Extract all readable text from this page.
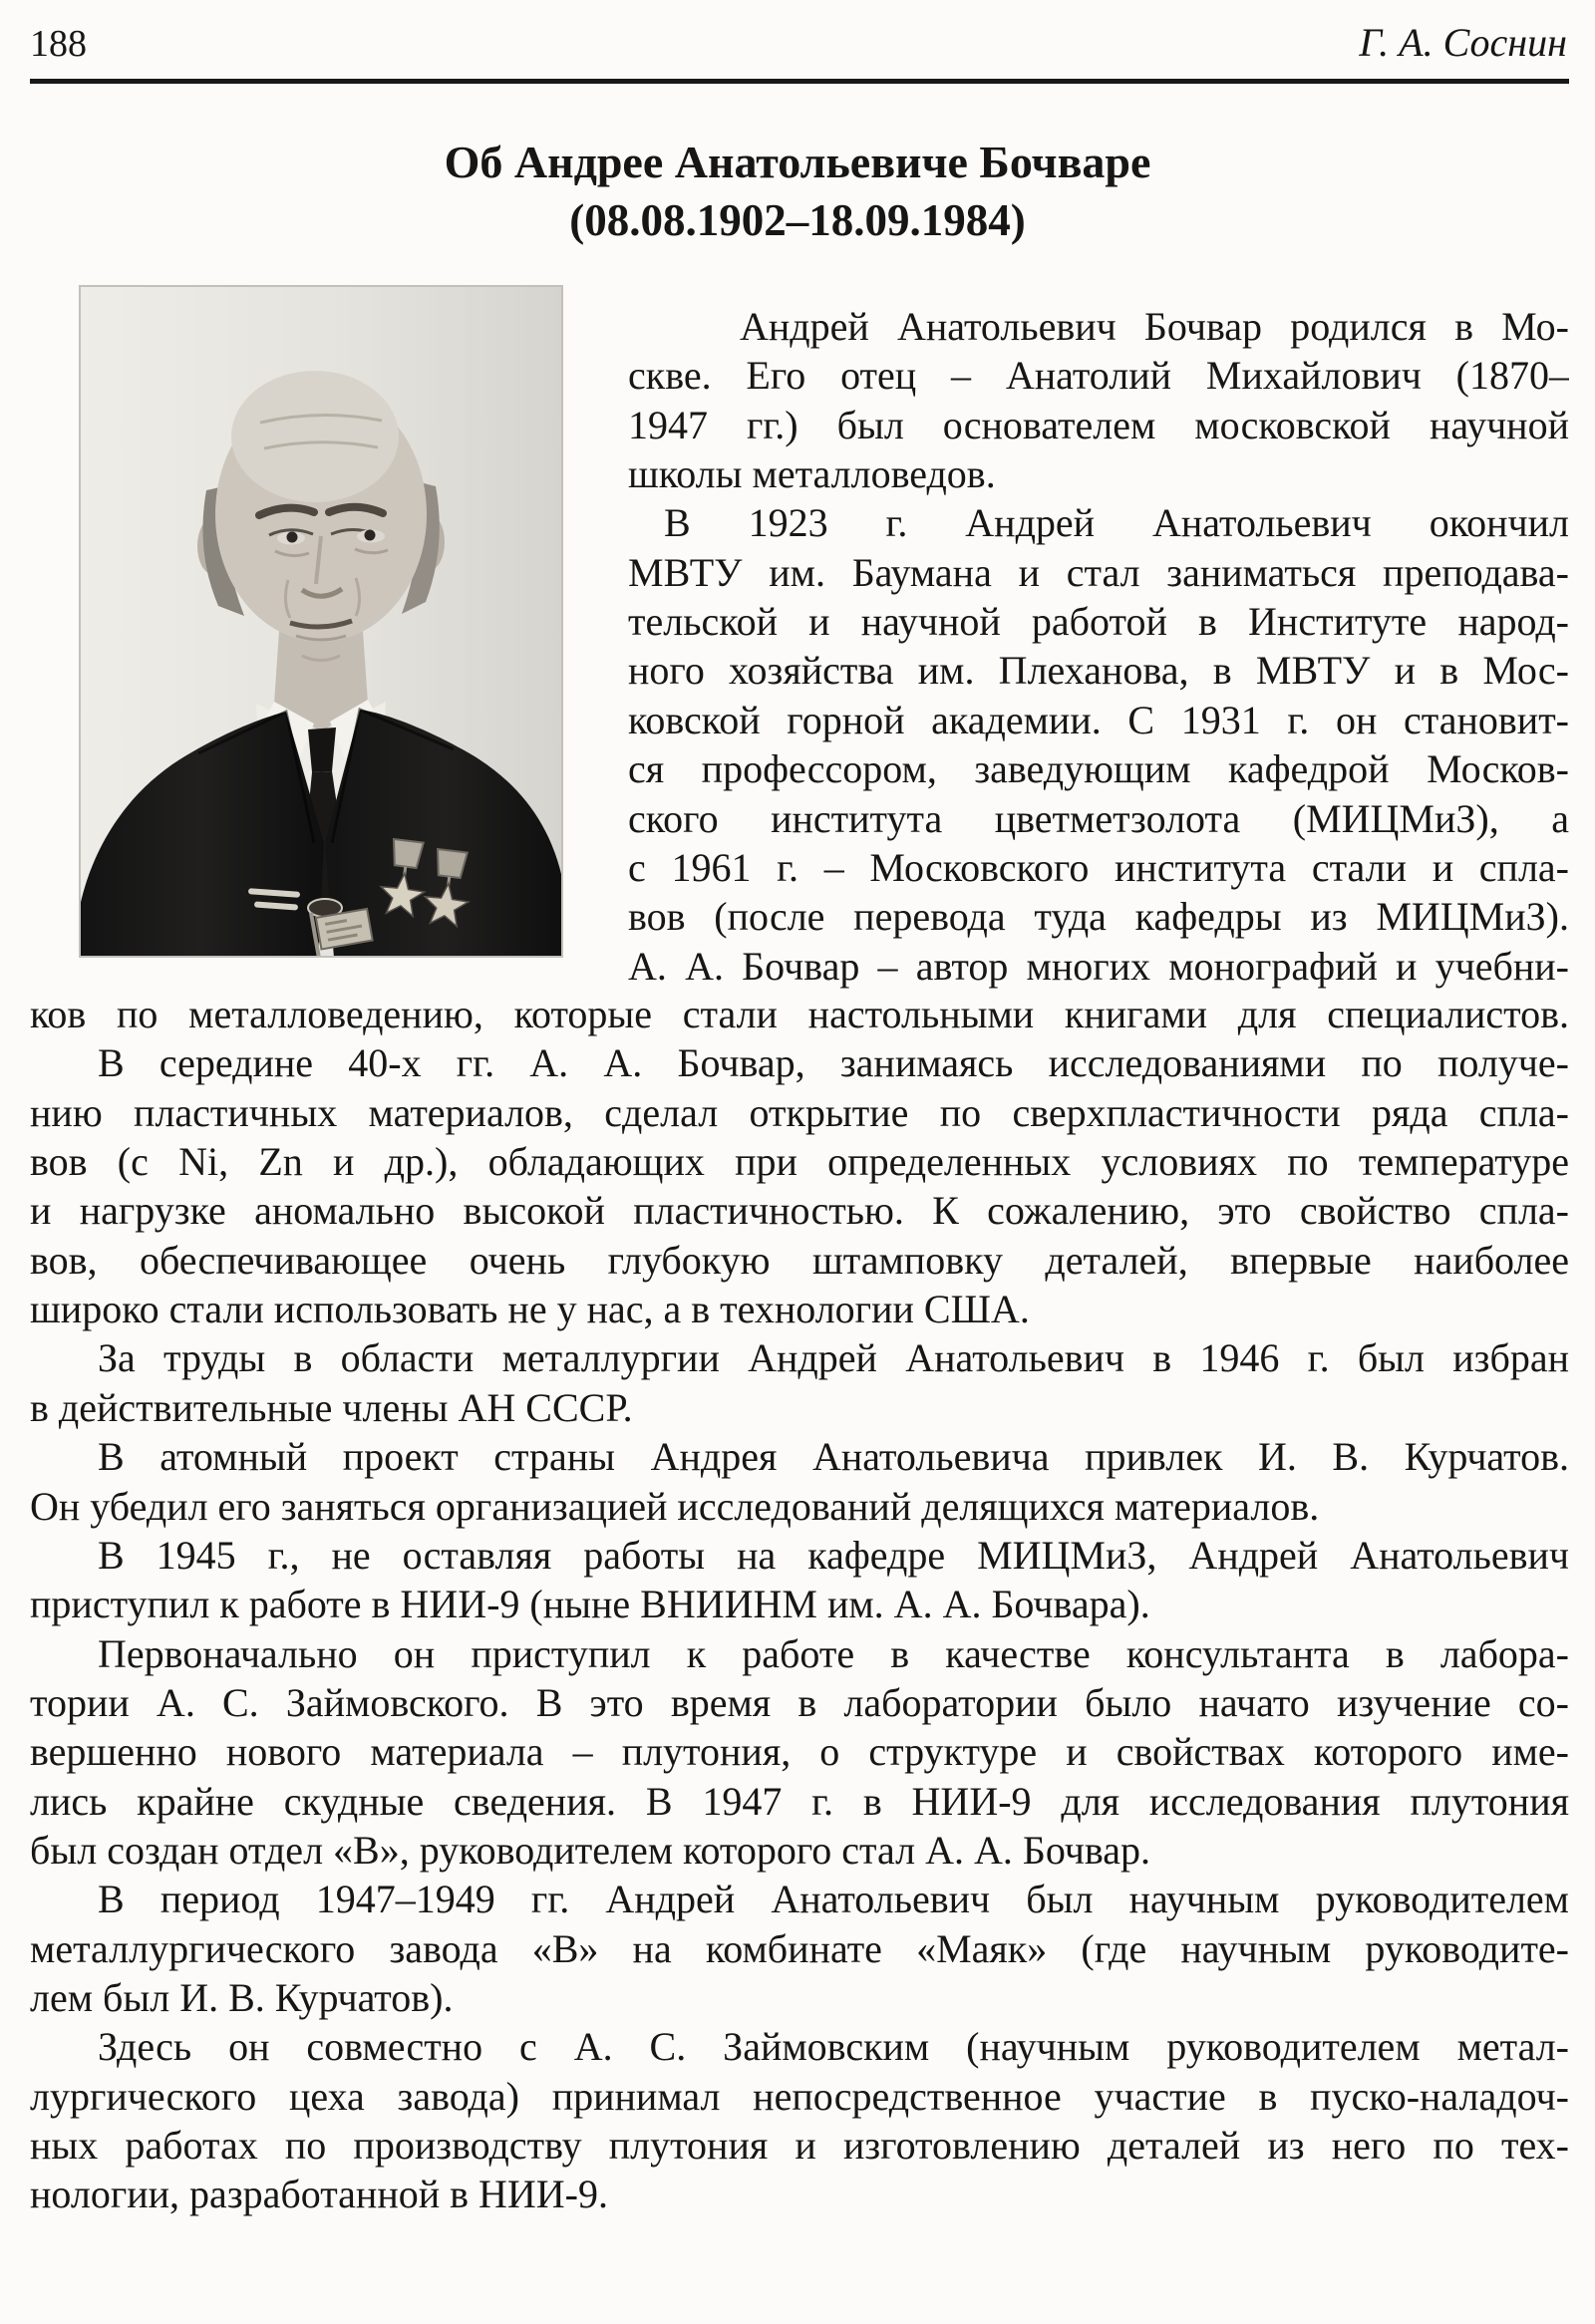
188	Г. А. Соснин
Об Андрее Анатольевиче Бочваре
(08.08.1902–18.09.1984)
Андрей Анатольевич Бочвар родился в Мо-
скве. Его отец – Анатолий Михайлович (1870–
1947 гг.) был основателем московской научной
школы металловедов.
В 1923 г. Андрей Анатольевич окончил
МВТУ им. Баумана и стал заниматься преподава-
тельской и научной работой в Институте народ-
ного хозяйства им. Плеханова, в МВТУ и в Мос-
ковской горной академии. С 1931 г. он становит-
ся профессором, заведующим кафедрой Москов-
ского института цветметзолота (МИЦМиЗ), а
с 1961 г. – Московского института стали и спла-
вов (после перевода туда кафедры из МИЦМиЗ).
А. А. Бочвар – автор многих монографий и учебни-
ков по металловедению, которые стали настольными книгами для специалистов.
В середине 40-х гг. А. А. Бочвар, занимаясь исследованиями по получе-
нию пластичных материалов, сделал открытие по сверхпластичности ряда спла-
вов (с Ni, Zn и др.), обладающих при определенных условиях по температуре
и нагрузке аномально высокой пластичностью. К сожалению, это свойство спла-
вов, обеспечивающее очень глубокую штамповку деталей, впервые наиболее
широко стали использовать не у нас, а в технологии США.
За труды в области металлургии Андрей Анатольевич в 1946 г. был избран
в действительные члены АН СССР.
В атомный проект страны Андрея Анатольевича привлек И. В. Курчатов.
Он убедил его заняться организацией исследований делящихся материалов.
В 1945 г., не оставляя работы на кафедре МИЦМиЗ, Андрей Анатольевич
приступил к работе в НИИ-9 (ныне ВНИИНМ им. А. А. Бочвара).
Первоначально он приступил к работе в качестве консультанта в лабора-
тории А. С. Займовского. В это время в лаборатории было начато изучение со-
вершенно нового материала – плутония, о структуре и свойствах которого име-
лись крайне скудные сведения. В 1947 г. в НИИ-9 для исследования плутония
был создан отдел «В», руководителем которого стал А. А. Бочвар.
В период 1947–1949 гг. Андрей Анатольевич был научным руководителем
металлургического завода «В» на комбинате «Маяк» (где научным руководите-
лем был И. В. Курчатов).
Здесь он совместно с А. С. Займовским (научным руководителем метал-
лургического цеха завода) принимал непосредственное участие в пуско-наладоч-
ных работах по производству плутония и изготовлению деталей из него по тех-
нологии, разработанной в НИИ-9.
